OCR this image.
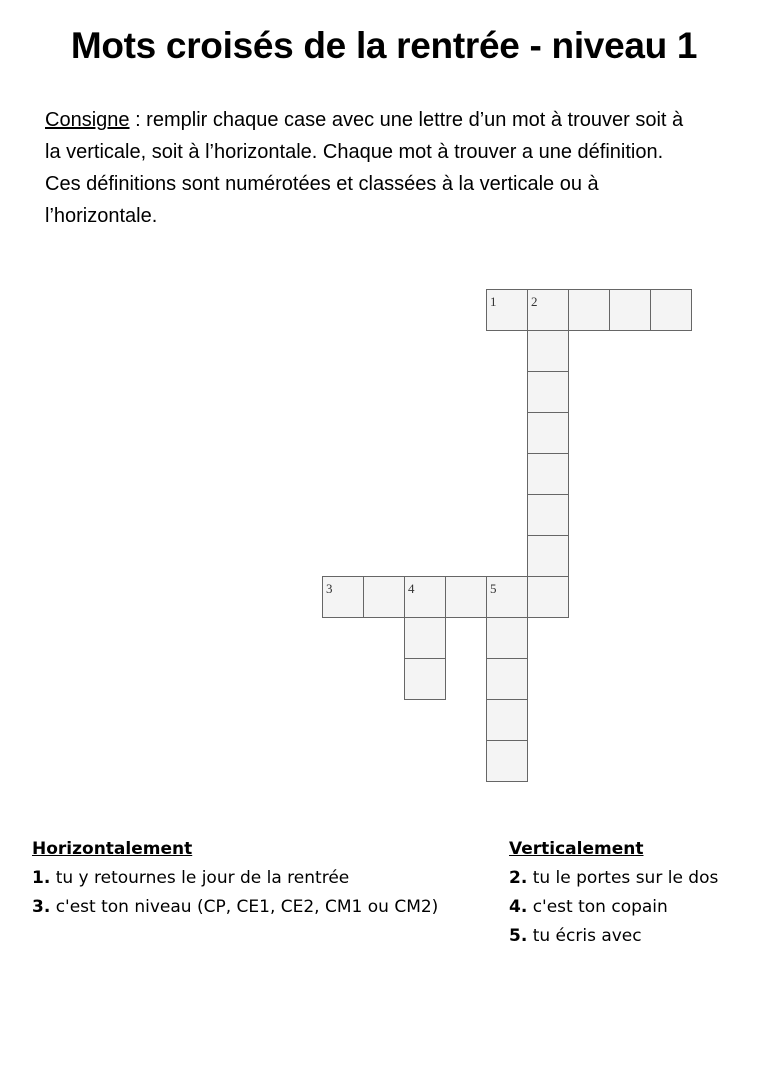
Mots croisés de la rentrée - niveau 1
Consigne : remplir chaque case avec une lettre d’un mot à trouver soit à la verticale, soit à l’horizontale. Chaque mot à trouver a une définition. Ces définitions sont numérotées et classées à la verticale ou à l’horizontale.
1	2
3	4	5
Horizontalement
1. tu y retournes le jour de la rentrée
3. c'est ton niveau (CP, CE1, CE2, CM1 ou CM2)
Verticalement
2. tu le portes sur le dos
4. c'est ton copain
5. tu écris avec
